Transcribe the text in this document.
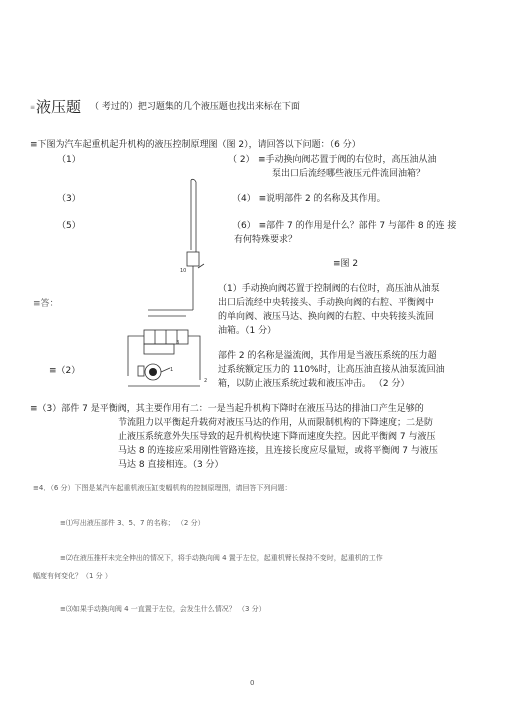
≡ 液压题 （ 考过的）把习题集的几个液压题也找出来标在下面
≡下图为汽车起重机起升机构的液压控制原理图（图 2），请回答以下问题：（6 分）
（1）	（ 2） ≡手动换向阀芯置于阀的右位时，高压油从油
泵出口后流经哪些液压元件流回油箱？
（3）	（4） ≡说明部件 2 的名称及其作用。
（5）	（6） ≡部件 7 的作用是什么？部件 7 与部件 8 的连 接
有何特殊要求？
≡图 2
10
3
1
2
≡答：
（1）手动换向阀芯置于控制阀的右位时，高压油从油泵
出口后流经中央转接头、手动换向阀的右腔、平衡阀中
的单向阀、液压马达、换向阀的右腔、中央转接头流回
油箱。（1 分）
部件 2 的名称是溢流阀，其作用是当液压系统的压力超
过系统额定压力的 110%时，让高压油直接从油泵流回油
箱，以防止液压系统过载和液压冲击。 （2 分）
≡（2）
≡（3）部件 7 是平衡阀，其主要作用有二：一是当起升机构下降时在液压马达的排油口产生足够的
节流阻力以平衡起升载荷对液压马达的作用，从而限制机构的下降速度；二是防
止液压系统意外失压导致的起升机构快速下降而速度失控。因此平衡阀 7 与液压
马达 8 的连接应采用刚性管路连接，且连接长度应尽量短，或将平衡阀 7 与液压
马达 8 直接相连。（3 分）
≡4．（6 分）下图是某汽车起重机液压缸变幅机构的控制原理图，请回答下列问题：
≡⑴写出液压部件 3、5、7 的名称； （2 分）
≡⑵在液压推杆未完全伸出的情况下，将手动换向阀 4 置于左位，起重机臂长保持不变时，起重机的工作
幅度有何变化？（1 分 ）
≡⑶如果手动换向阀 4 一直置于左位，会发生什么情况？ （3 分）
0
